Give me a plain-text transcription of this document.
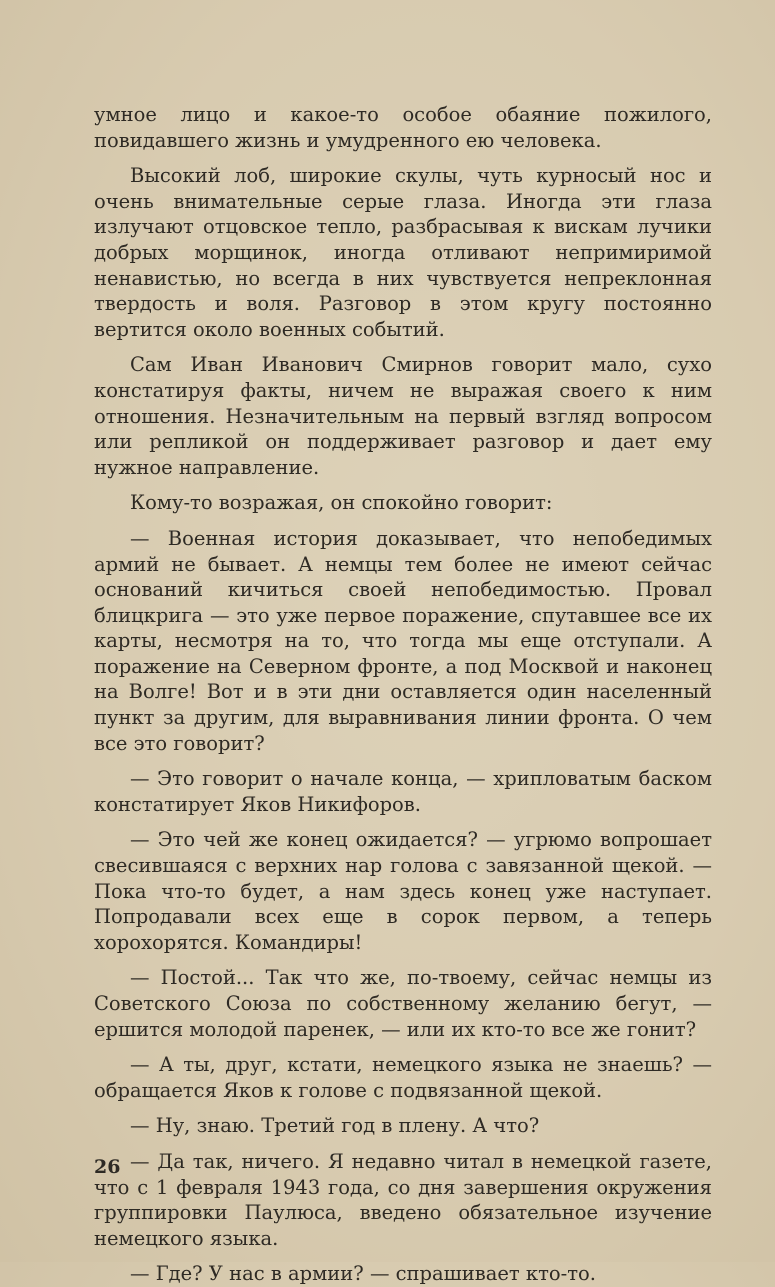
умное лицо и какое-то особое обаяние пожилого, повидавшего жизнь и умудренного ею человека.

Высокий лоб, широкие скулы, чуть курносый нос и очень внимательные серые глаза. Иногда эти глаза излучают отцовское тепло, разбрасывая к вискам лучики добрых морщинок, иногда отливают непримиримой ненавистью, но всегда в них чувствуется непреклонная твердость и воля. Разговор в этом кругу постоянно вертится около военных событий.

Сам Иван Иванович Смирнов говорит мало, сухо констатируя факты, ничем не выражая своего к ним отношения. Незначительным на первый взгляд вопросом или репликой он поддерживает разговор и дает ему нужное направление.

Кому-то возражая, он спокойно говорит:

— Военная история доказывает, что непобедимых армий не бывает. А немцы тем более не имеют сейчас оснований кичиться своей непобедимостью. Провал блицкрига — это уже первое поражение, спутавшее все их карты, несмотря на то, что тогда мы еще отступали. А поражение на Северном фронте, а под Москвой и наконец на Волге! Вот и в эти дни оставляется один населенный пункт за другим, для выравнивания линии фронта. О чем все это говорит?

— Это говорит о начале конца, — хрипловатым баском констатирует Яков Никифоров.

— Это чей же конец ожидается? — угрюмо вопрошает свесившаяся с верхних нар голова с завязанной щекой. — Пока что-то будет, а нам здесь конец уже наступает. Попродавали всех еще в сорок первом, а теперь хорохорятся. Командиры!

— Постой... Так что же, по-твоему, сейчас немцы из Советского Союза по собственному желанию бегут, — ершится молодой паренек, — или их кто-то все же гонит?

— А ты, друг, кстати, немецкого языка не знаешь? — обращается Яков к голове с подвязанной щекой.

— Ну, знаю. Третий год в плену. А что?

— Да так, ничего. Я недавно читал в немецкой газете, что с 1 февраля 1943 года, со дня завершения окружения группировки Паулюса, введено обязательное изучение немецкого языка.

— Где? У нас в армии? — спрашивает кто-то.

26
